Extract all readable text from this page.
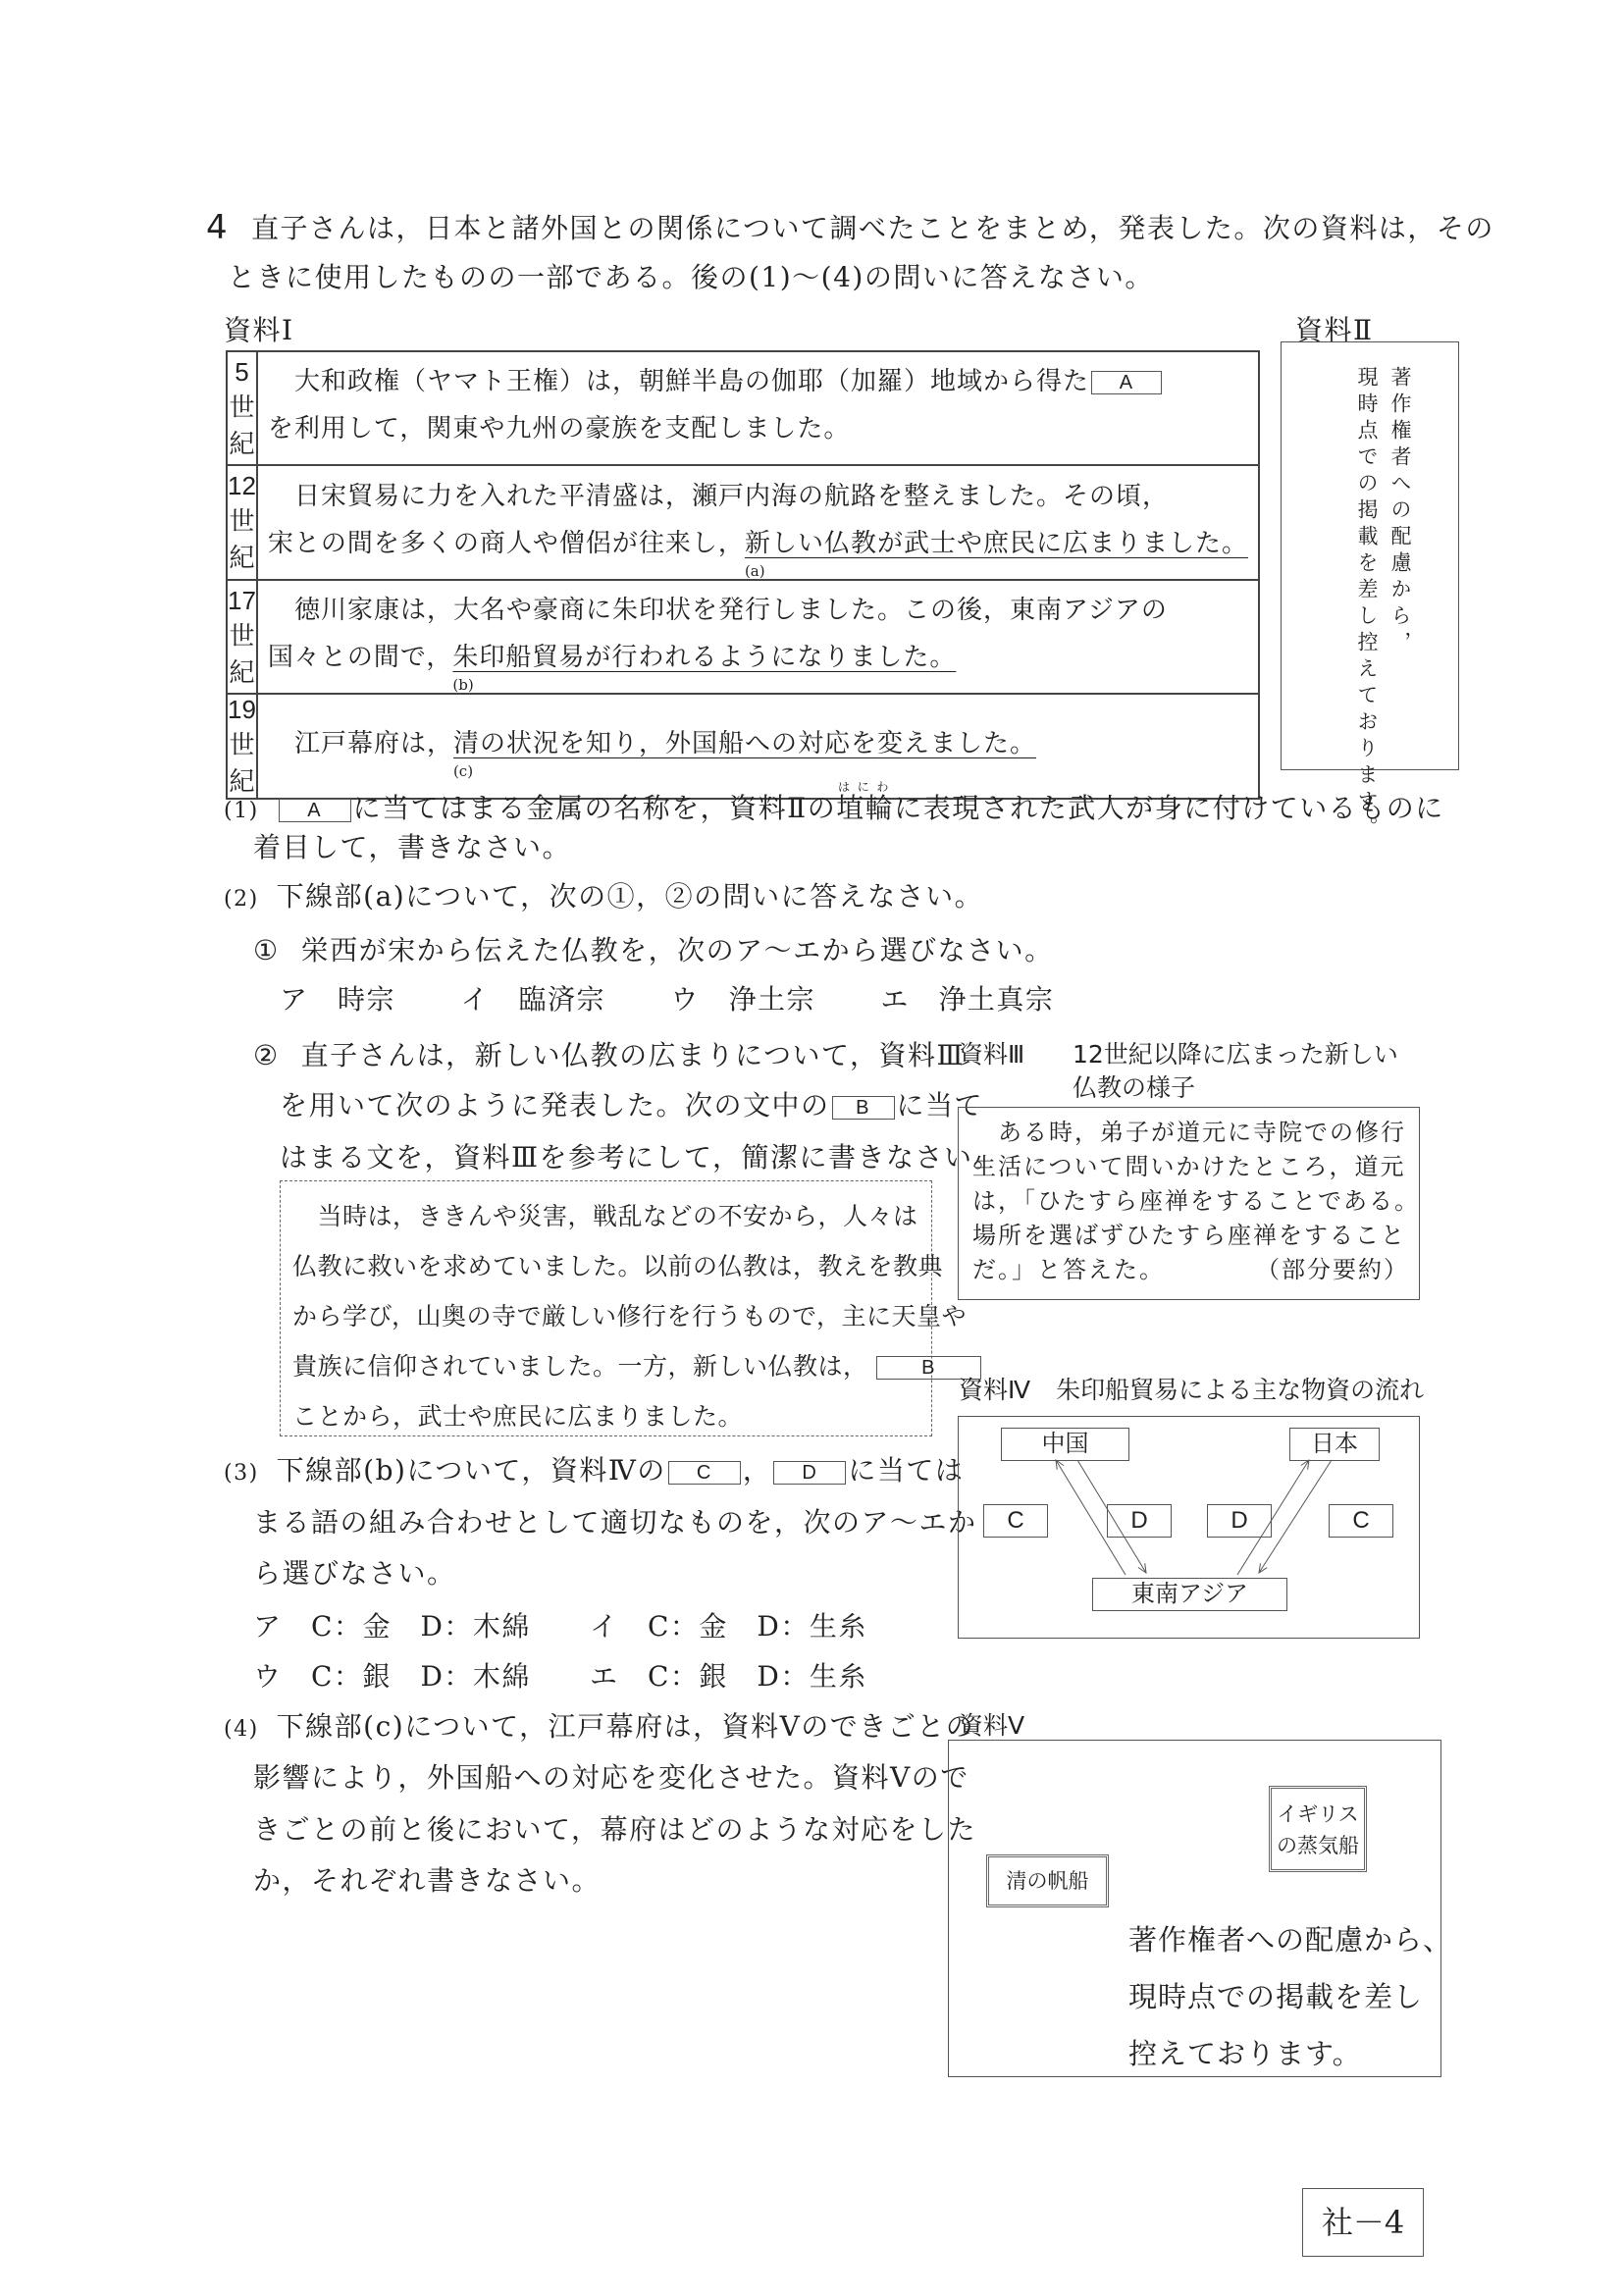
4 直子さんは，日本と諸外国との関係について調べたことをまとめ，発表した。次の資料は，その
ときに使用したものの一部である。後の(1)～(4)の問いに答えなさい。
資料Ⅰ
5世紀	
　大和政権（ヤマト王権）は，朝鮮半島の伽耶（加羅）地域から得た A
を利用して，関東や九州の豪族を支配しました。

12世紀	
　日宋貿易に力を入れた平清盛は，瀬戸内海の航路を整えました。その頃，
宋との間を多くの商人や僧侶が往来し，新しい仏教が武士や庶民に広まりました。
(a)

17世紀	
　徳川家康は，大名や豪商に朱印状を発行しました。この後，東南アジアの
国々との間で，朱印船貿易が行われるようになりました。
(b)

19世紀	
　江戸幕府は，清の状況を知り，外国船への対応を変えました。
(c)
資料Ⅱ
著作権者への配慮から，
現時点での掲載を差し控えております。
(1) A に当てはまる金属の名称を，資料Ⅱの埴輪はにわに表現された武人が身に付けているものに
着目して，書きなさい。
(2) 下線部(a)について，次の①，②の問いに答えなさい。
① 栄西が宋から伝えた仏教を，次のア～エから選びなさい。
ア　 時宗 イ　 臨済宗 ウ　 浄土宗 エ　 浄土真宗
② 直子さんは，新しい仏教の広まりについて，資料Ⅲ
を用いて次のように発表した。次の文中の B に当て
はまる文を，資料Ⅲを参考にして，簡潔に書きなさい。
　当時は，ききんや災害，戦乱などの不安から，人々は
仏教に救いを求めていました。以前の仏教は，教えを教典
から学び，山奥の寺で厳しい修行を行うもので，主に天皇や
貴族に信仰されていました。一方，新しい仏教は，	B
ことから，武士や庶民に広まりました。
(3) 下線部(b)について，資料Ⅳの C ， D に当ては
まる語の組み合わせとして適切なものを，次のア～エか
ら選びなさい。
ア　 C：金　 D：木綿 イ　 C：金　 D：生糸
ウ　 C：銀　 D：木綿 エ　 C：銀　 D：生糸
(4) 下線部(c)について，江戸幕府は，資料Ⅴのできごとの
影響により，外国船への対応を変化させた。資料Ⅴので
きごとの前と後において，幕府はどのような対応をした
か，それぞれ書きなさい。
資料Ⅲ 12世紀以降に広まった新しい
仏教の様子
　ある時，弟子が道元に寺院での修行
生活について問いかけたところ，道元
は，「ひたすら座禅をすることである。
場所を選ばずひたすら座禅をすること
だ。」と答えた。	（部分要約）
資料Ⅳ 朱印船貿易による主な物資の流れ
中国	日本
C	D	D	C
東南アジア
資料Ⅴ
清の帆船
イギリス
の蒸気船
著作権者への配慮から、
現時点での掲載を差し
控えております。
社－4
